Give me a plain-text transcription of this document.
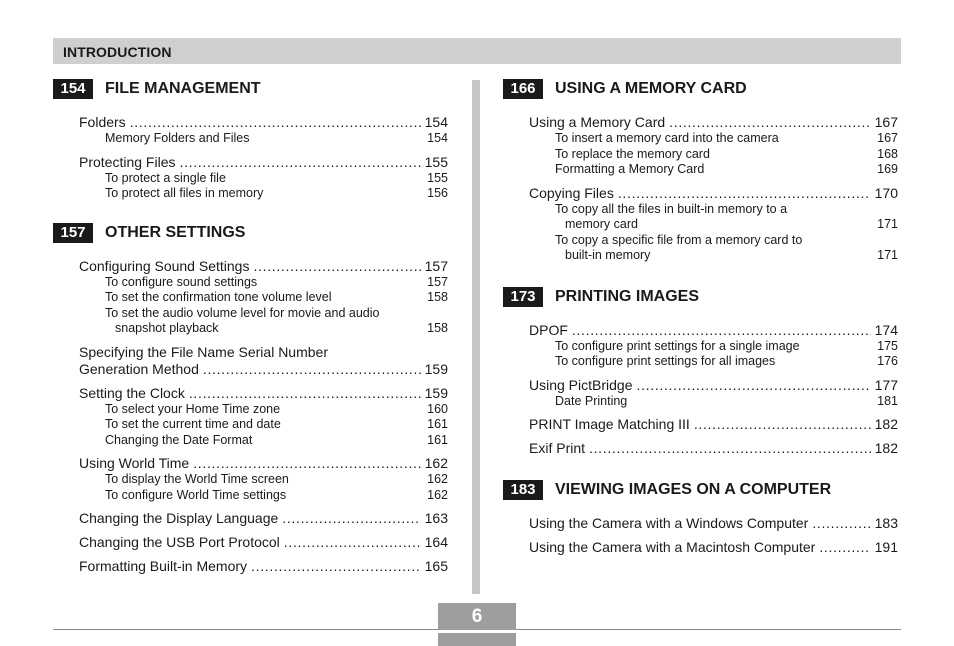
INTRODUCTION
154	FILE MANAGEMENT
Folders . . .	154
Memory Folders and Files	154
Protecting Files . . .	155
To protect a single file	155
To protect all files in memory	156
157	OTHER SETTINGS
Configuring Sound Settings . . .	157
To configure sound settings	157
To set the confirmation tone volume level	158
To set the audio volume level for movie and audio
snapshot playback	158
Specifying the File Name Serial Number
Generation Method . . .	159
Setting the Clock . . .	159
To select your Home Time zone	160
To set the current time and date	161
Changing the Date Format	161
Using World Time . . .	162
To display the World Time screen	162
To configure World Time settings	162
Changing the Display Language . . .	163
Changing the USB Port Protocol . . .	164
Formatting Built-in Memory . . .	165
166	USING A MEMORY CARD
Using a Memory Card . . .	167
To insert a memory card into the camera	167
To replace the memory card	168
Formatting a Memory Card	169
Copying Files . . .	170
To copy all the files in built-in memory to a
memory card	171
To copy a specific file from a memory card to
built-in memory	171
173	PRINTING IMAGES
DPOF . . .	174
To configure print settings for a single image	175
To configure print settings for all images	176
Using PictBridge . . .	177
Date Printing	181
PRINT Image Matching III . . .	182
Exif Print . . .	182
183	VIEWING IMAGES ON A COMPUTER
Using the Camera with a Windows Computer . . .	183
Using the Camera with a Macintosh Computer . . .	191
6
